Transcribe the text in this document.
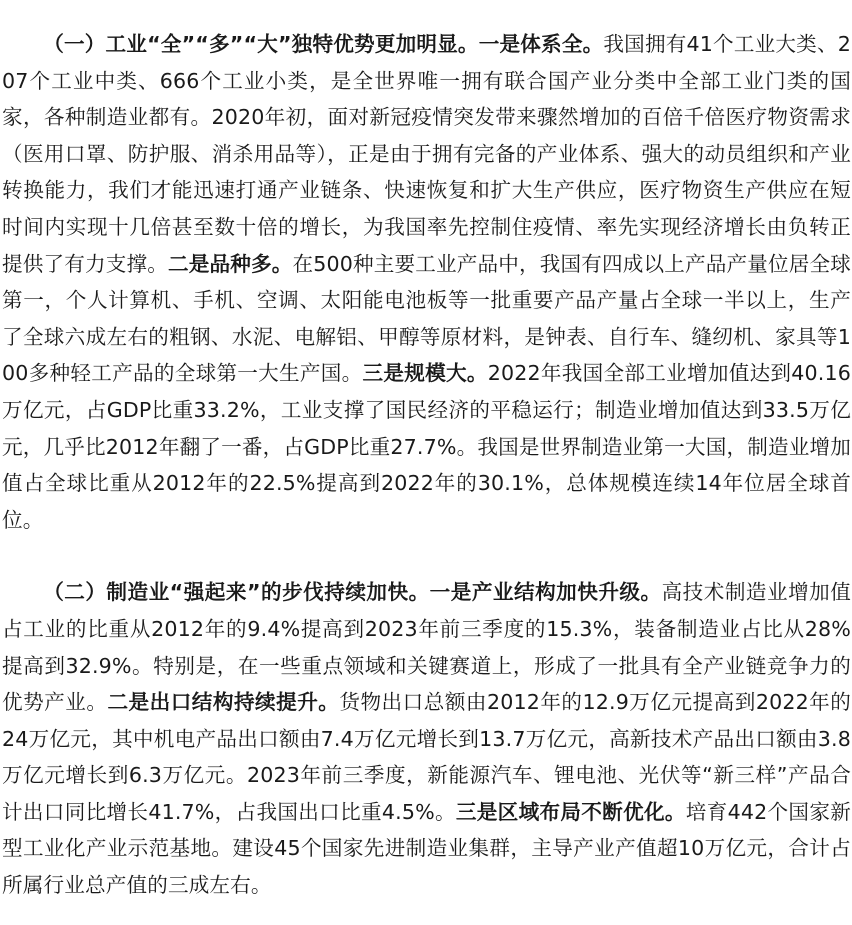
（一）工业“全”“多”“大”独特优势更加明显。一是体系全。我国拥有41个工业大类、207个工业中类、666个工业小类，是全世界唯一拥有联合国产业分类中全部工业门类的国家，各种制造业都有。2020年初，面对新冠疫情突发带来骤然增加的百倍千倍医疗物资需求（医用口罩、防护服、消杀用品等），正是由于拥有完备的产业体系、强大的动员组织和产业转换能力，我们才能迅速打通产业链条、快速恢复和扩大生产供应，医疗物资生产供应在短时间内实现十几倍甚至数十倍的增长，为我国率先控制住疫情、率先实现经济增长由负转正提供了有力支撑。二是品种多。在500种主要工业产品中，我国有四成以上产品产量位居全球第一，个人计算机、手机、空调、太阳能电池板等一批重要产品产量占全球一半以上，生产了全球六成左右的粗钢、水泥、电解铝、甲醇等原材料，是钟表、自行车、缝纫机、家具等100多种轻工产品的全球第一大生产国。三是规模大。2022年我国全部工业增加值达到40.16万亿元，占GDP比重33.2%，工业支撑了国民经济的平稳运行；制造业增加值达到33.5万亿元，几乎比2012年翻了一番，占GDP比重27.7%。我国是世界制造业第一大国，制造业增加值占全球比重从2012年的22.5%提高到2022年的30.1%，总体规模连续14年位居全球首位。

（二）制造业“强起来”的步伐持续加快。一是产业结构加快升级。高技术制造业增加值占工业的比重从2012年的9.4%提高到2023年前三季度的15.3%，装备制造业占比从28%提高到32.9%。特别是，在一些重点领域和关键赛道上，形成了一批具有全产业链竞争力的优势产业。二是出口结构持续提升。货物出口总额由2012年的12.9万亿元提高到2022年的24万亿元，其中机电产品出口额由7.4万亿元增长到13.7万亿元，高新技术产品出口额由3.8万亿元增长到6.3万亿元。2023年前三季度，新能源汽车、锂电池、光伏等“新三样”产品合计出口同比增长41.7%，占我国出口比重4.5%。三是区域布局不断优化。培育442个国家新型工业化产业示范基地。建设45个国家先进制造业集群，主导产业产值超10万亿元，合计占所属行业总产值的三成左右。
